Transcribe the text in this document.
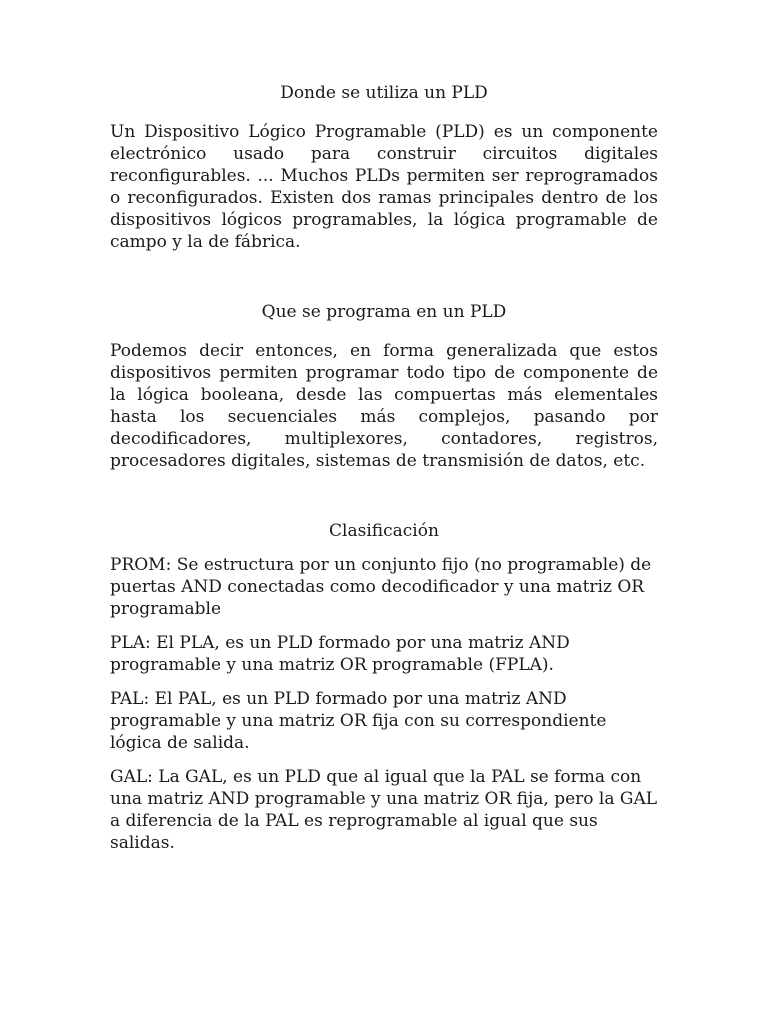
Donde se utiliza un PLD

Un Dispositivo Lógico Programable (PLD) es un componente electrónico usado para construir circuitos digitales reconfigurables. ... Muchos PLDs permiten ser reprogramados o reconfigurados. Existen dos ramas principales dentro de los dispositivos lógicos programables, la lógica programable de campo y la de fábrica.

Que se programa en un PLD

Podemos decir entonces, en forma generalizada que estos dispositivos permiten programar todo tipo de componente de la lógica booleana, desde las compuertas más elementales hasta los secuenciales más complejos, pasando por decodificadores, multiplexores, contadores, registros, procesadores digitales, sistemas de transmisión de datos, etc.

Clasificación

PROM: Se estructura por un conjunto fijo (no programable) de puertas AND conectadas como decodificador y una matriz OR programable

PLA: El PLA, es un PLD formado por una matriz AND programable y una matriz OR programable (FPLA).

PAL: El PAL, es un PLD formado por una matriz AND programable y una matriz OR fija con su correspondiente lógica de salida.

GAL: La GAL, es un PLD que al igual que la PAL se forma con una matriz AND programable y una matriz OR fija, pero la GAL a diferencia de la PAL es reprogramable al igual que sus salidas.
